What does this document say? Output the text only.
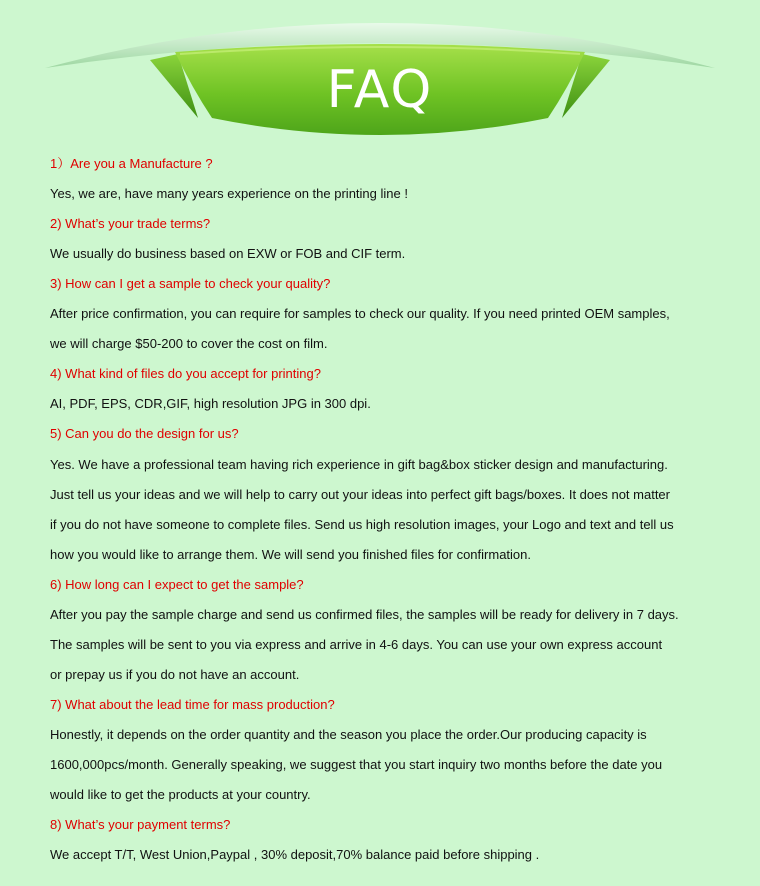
FAQ
1）Are you a Manufacture ?
Yes, we are, have many years experience on the printing line !
2) What’s your trade terms?
We usually do business based on EXW or FOB and CIF term.
3) How can I get a sample to check your quality?
After price confirmation, you can require for samples to check our quality. If you need printed OEM samples,
we will charge $50-200 to cover the cost on film.
4) What kind of files do you accept for printing?
AI, PDF, EPS, CDR,GIF, high resolution JPG in 300 dpi.
5) Can you do the design for us?
Yes. We have a professional team having rich experience in gift bag&box sticker design and manufacturing.
Just tell us your ideas and we will help to carry out your ideas into perfect gift bags/boxes. It does not matter
if you do not have someone to complete files. Send us high resolution images, your Logo and text and tell us
how you would like to arrange them. We will send you finished files for confirmation.
6) How long can I expect to get the sample?
After you pay the sample charge and send us confirmed files, the samples will be ready for delivery in 7 days.
The samples will be sent to you via express and arrive in 4-6 days. You can use your own express account
or prepay us if you do not have an account.
7) What about the lead time for mass production?
Honestly, it depends on the order quantity and the season you place the order.Our producing capacity is
1600,000pcs/month. Generally speaking, we suggest that you start inquiry two months before the date you
would like to get the products at your country.
8) What’s your payment terms?
We accept T/T, West Union,Paypal , 30% deposit,70% balance paid before shipping .
